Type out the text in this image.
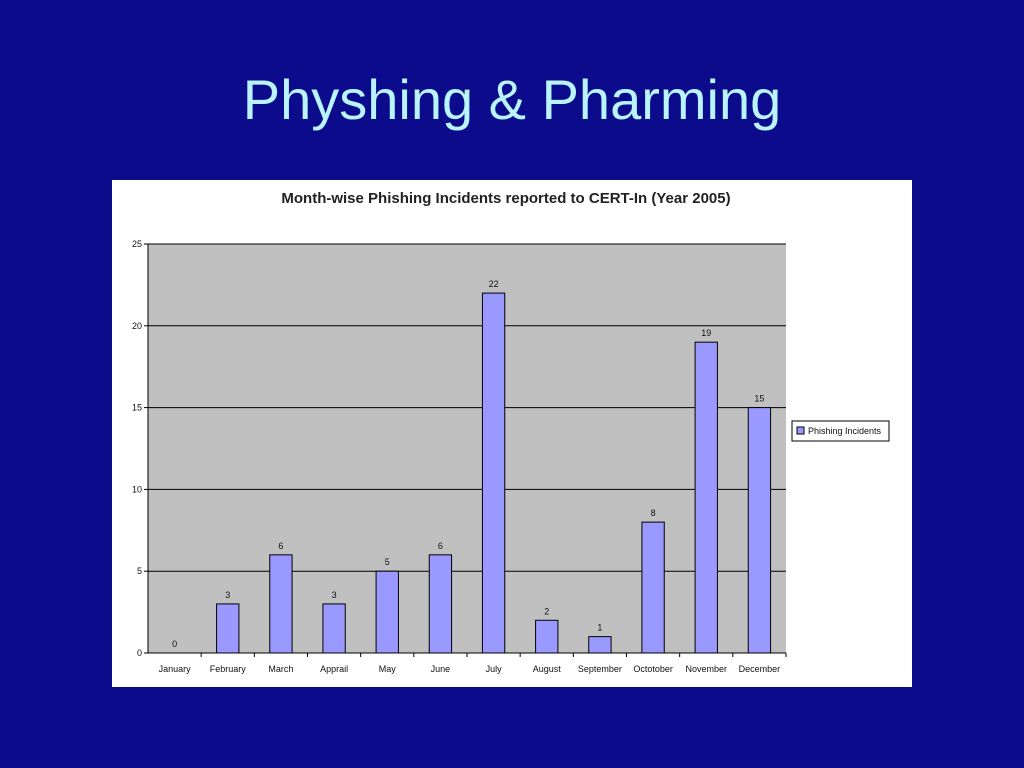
Physhing & Pharming
Month-wise Phishing Incidents reported to CERT-In (Year 2005)
0
3
6
3
5
6
22
2
1
8
19
15
0
5
10
15
20
25
January February	March	Apprail	May	June	July	August September Octotober November December
Phishing Incidents
